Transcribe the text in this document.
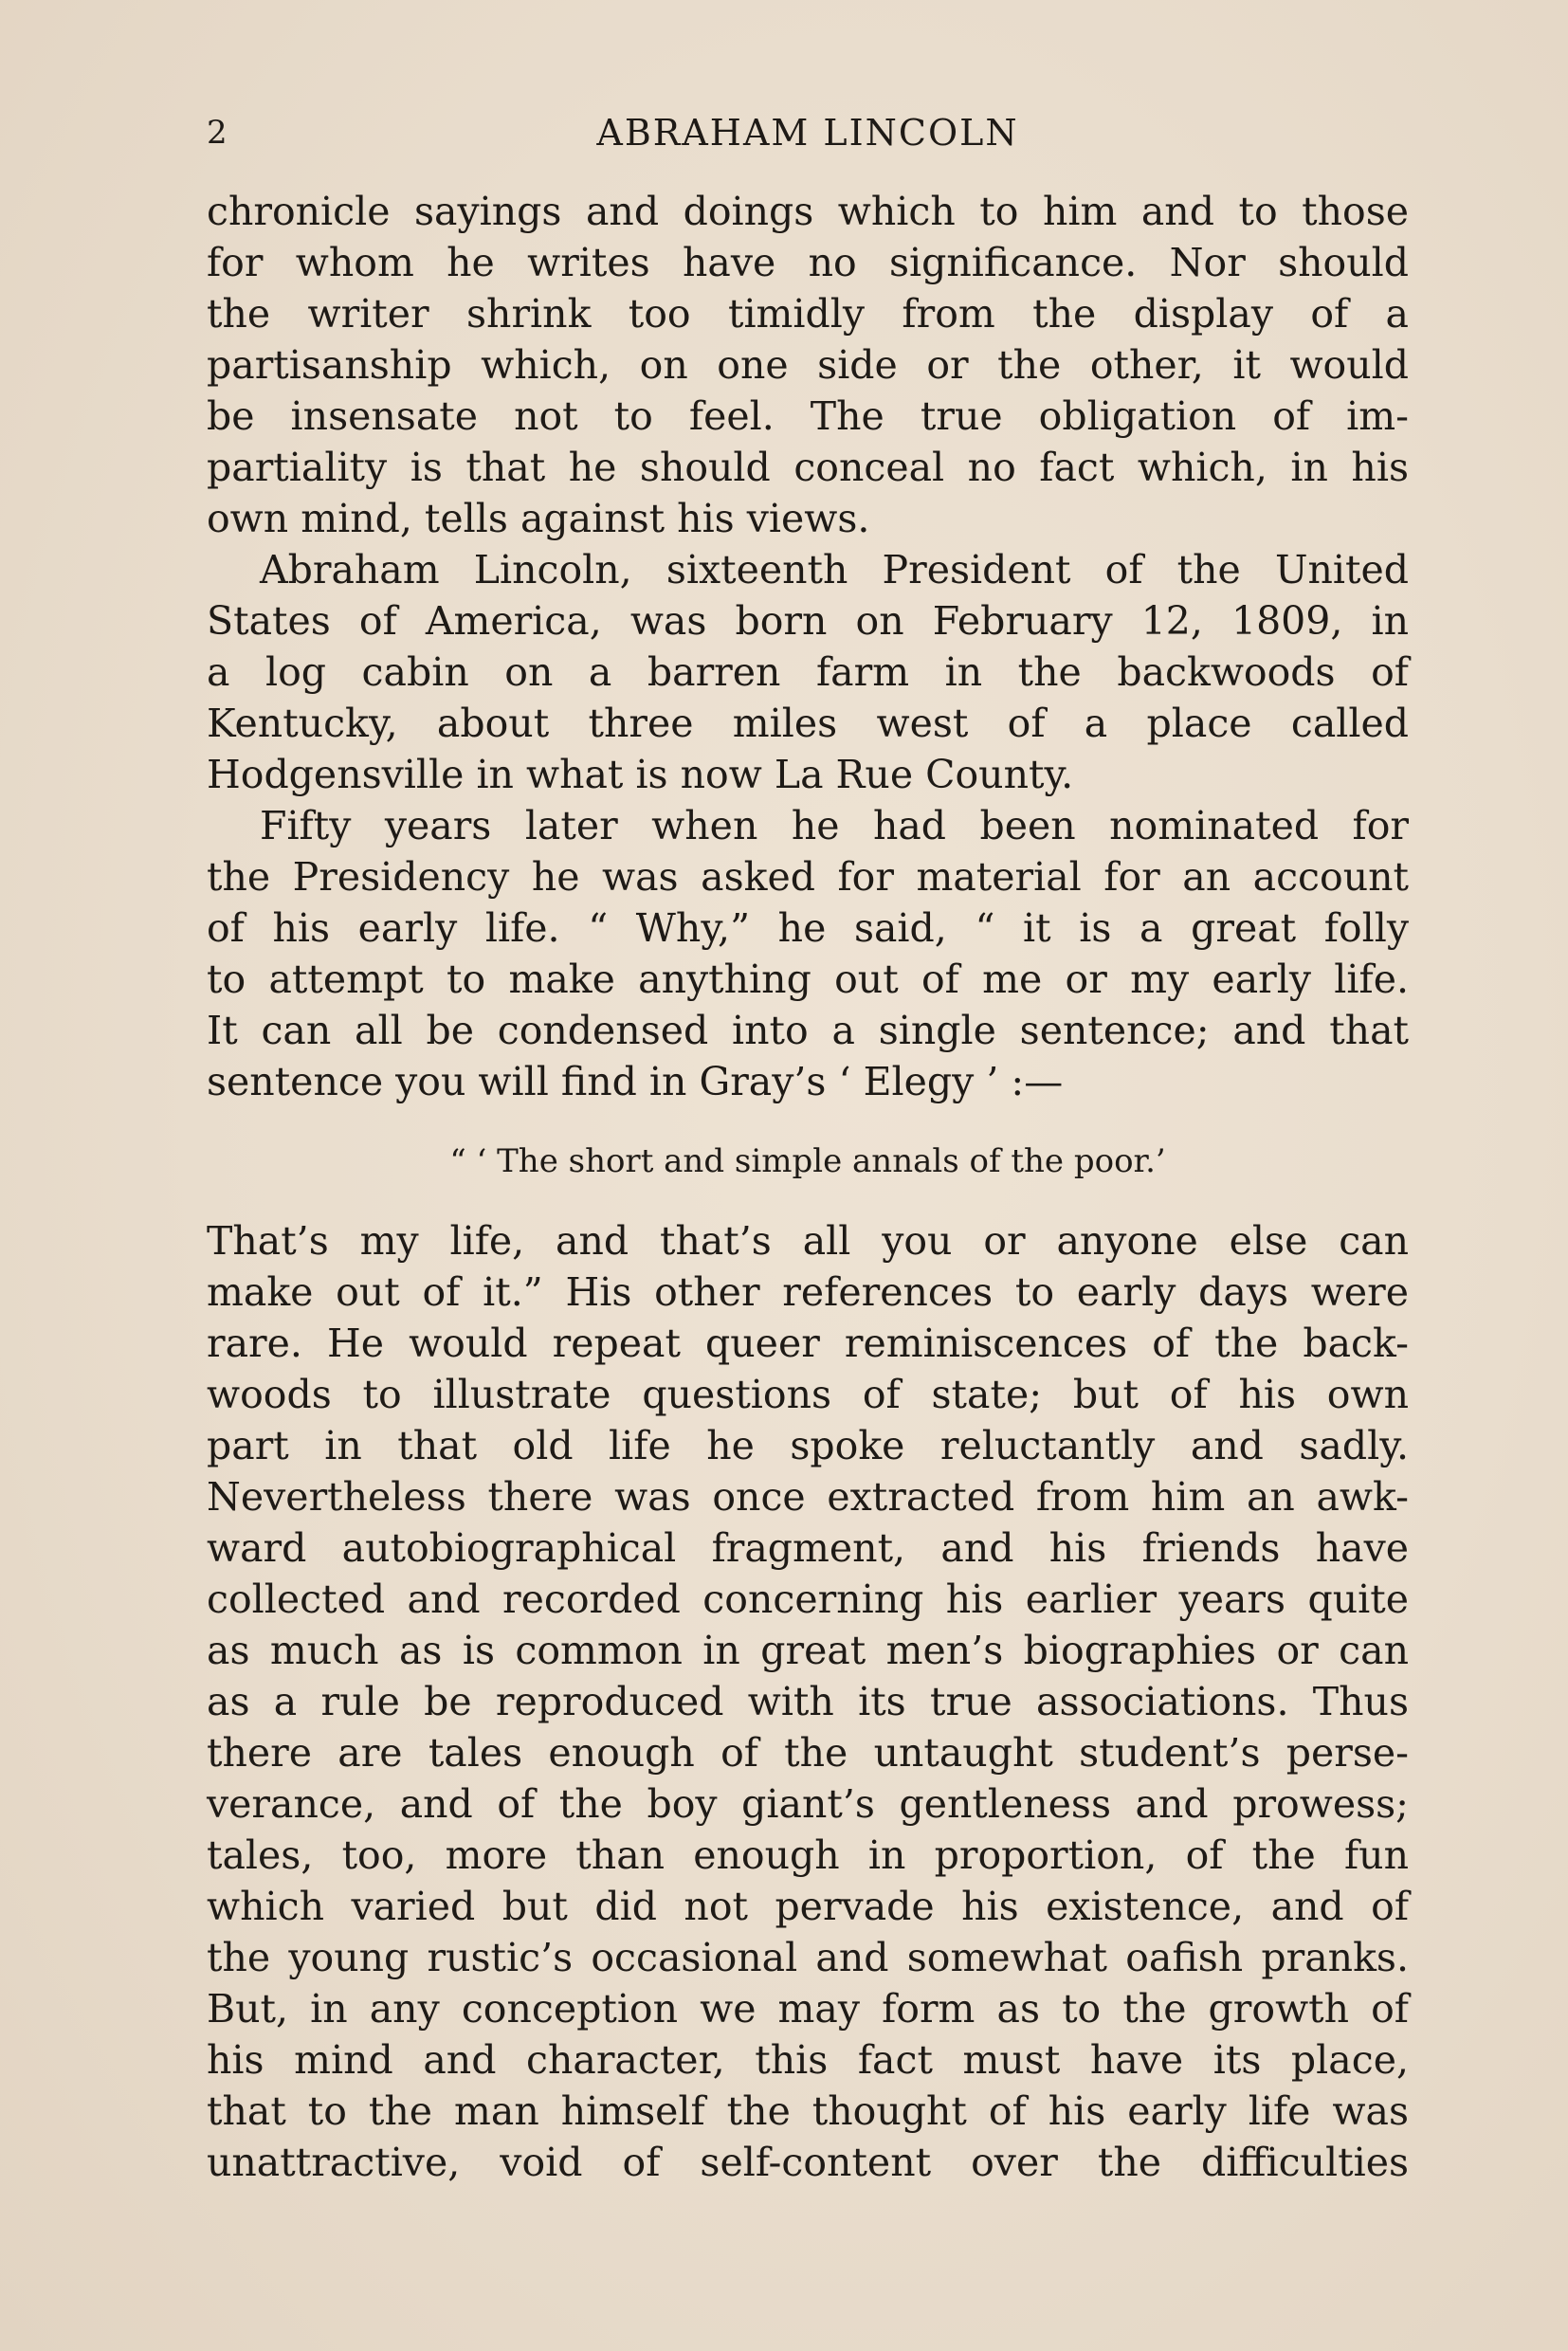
2	ABRAHAM LINCOLN
chronicle sayings and doings which to him and to those
for whom he writes have no significance. Nor should
the writer shrink too timidly from the display of a
partisanship which, on one side or the other, it would
be insensate not to feel. The true obligation of im-
partiality is that he should conceal no fact which, in his
own mind, tells against his views.
Abraham Lincoln, sixteenth President of the United
States of America, was born on February 12, 1809, in
a log cabin on a barren farm in the backwoods of
Kentucky, about three miles west of a place called
Hodgensville in what is now La Rue County.
Fifty years later when he had been nominated for
the Presidency he was asked for material for an account
of his early life. “ Why,” he said, “ it is a great folly
to attempt to make anything out of me or my early life.
It can all be condensed into a single sentence; and that
sentence you will find in Gray’s ‘ Elegy ’ :—
“ ‘ The short and simple annals of the poor.’
That’s my life, and that’s all you or anyone else can
make out of it.” His other references to early days were
rare. He would repeat queer reminiscences of the back-
woods to illustrate questions of state; but of his own
part in that old life he spoke reluctantly and sadly.
Nevertheless there was once extracted from him an awk-
ward autobiographical fragment, and his friends have
collected and recorded concerning his earlier years quite
as much as is common in great men’s biographies or can
as a rule be reproduced with its true associations. Thus
there are tales enough of the untaught student’s perse-
verance, and of the boy giant’s gentleness and prowess;
tales, too, more than enough in proportion, of the fun
which varied but did not pervade his existence, and of
the young rustic’s occasional and somewhat oafish pranks.
But, in any conception we may form as to the growth of
his mind and character, this fact must have its place,
that to the man himself the thought of his early life was
unattractive, void of self-content over the difficulties
